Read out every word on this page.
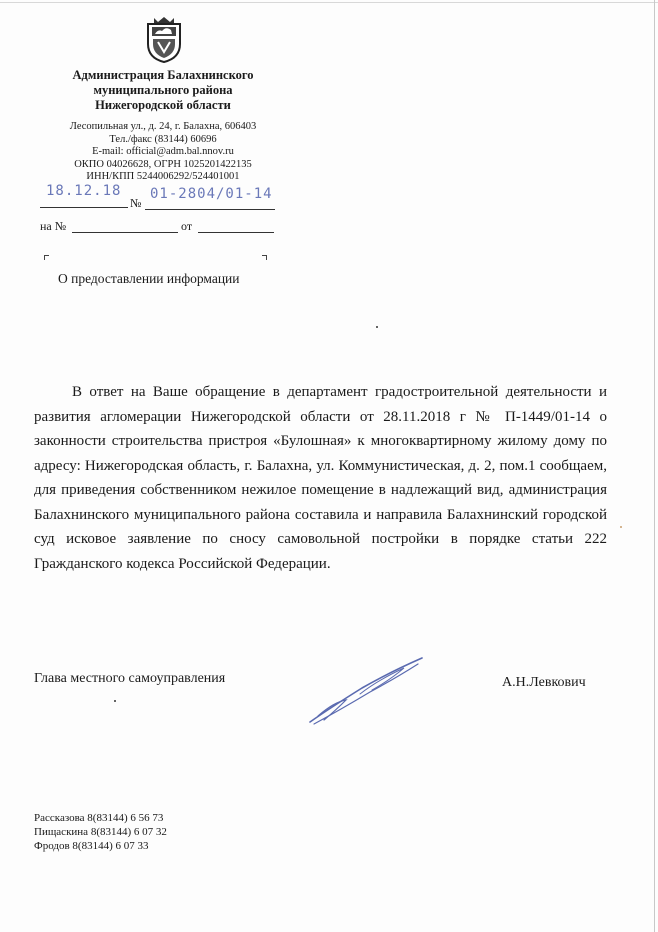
Администрация Балахнинского
муниципального района
Нижегородской области
Лесопильная ул., д. 24, г. Балахна, 606403
Тел./факс (83144) 60696
E-mail: official@adm.bal.nnov.ru
ОКПО 04026628, ОГРН 1025201422135
ИНН/КПП 5244006292/524401001
18.12.18
№
01-2804/01-14
на №	от
О предоставлении информации

В ответ на Ваше обращение в департамент градостроительной деятельности и развития агломерации Нижегородской области от 28.11.2018 г № П-1449/01-14 о законности строительства пристроя «Булошная» к многоквартирному жилому дому по адресу: Нижегородская область, г. Балахна, ул. Коммунистическая, д. 2, пом.1 сообщаем, для приведения собственником нежилое помещение в надлежащий вид, администрация Балахнинского муниципального района составила и направила Балахнинский городской суд исковое заявление по сносу самовольной постройки в порядке статьи 222 Гражданского кодекса Российской Федерации.

Глава местного самоуправления	А.Н.Левкович
Рассказова 8(83144) 6 56 73
Пищаскина 8(83144) 6 07 32
Фродов 8(83144) 6 07 33
